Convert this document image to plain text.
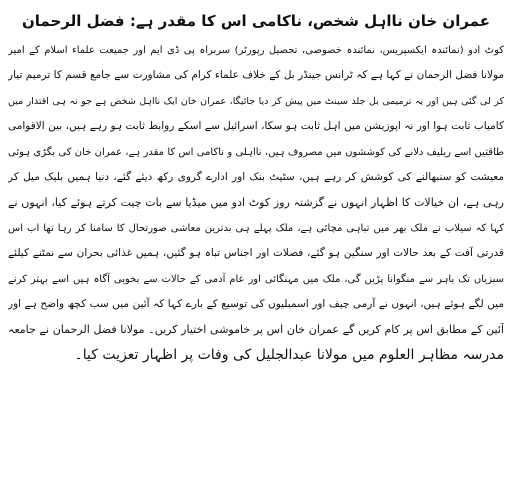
عمران خان نااہل شخص، ناکامی اس کا مقدر ہے: فضل الرحمان
کوٹ ادو (نمائندہ ایکسپریس، نمائندہ خصوصی، تحصیل رپورٹر) سربراہ پی ڈی ایم اور جمیعت علماء اسلام کے امیر
مولانا فضل الرحمان نے کہا ہے کہ ٹرانس جینڈر بل کے خلاف علماء کرام کی مشاورت سے جامع قسم کا ترمیم تیار
کر لی گئی ہیں اور یہ ترمیمی بل جلد سینٹ میں پیش کر دیا جائیگا، عمران خان ایک نااہل شخص ہے جو نہ ہی اقتدار میں
کامیاب ثابت ہوا اور نہ اپوزیشن میں اہل ثابت ہو سکا، اسرائیل سے اسکے روابط ثابت ہو رہے ہیں، بین الاقوامی
طاقتیں اسے ریلیف دلانے کی کوششوں میں مصروف ہیں، نااہلی و ناکامی اس کا مقدر ہے، عمران خان کی بگڑی ہوئی
معیشت کو سنبھالنے کی کوشش کر رہے ہیں، سٹیٹ بنک اور ادارے گروی رکھ دیئے گئے، دنیا ہمیں بلیک میل کر
رہی ہے، ان خیالات کا اظہار انہوں نے گزشتہ روز کوٹ ادو میں میڈیا سے بات چیت کرتے ہوئے کیا، انہوں نے
کہا کہ سیلاب نے ملک بھر میں تباہی مچائی ہے، ملک پہلے ہی بدترین معاشی صورتحال کا سامنا کر رہا تھا اب اس
قدرتی آفت کے بعد حالات اور سنگین ہو گئے، فصلات اور اجناس تباہ ہو گئیں، ہمیں غذائی بحران سے نمٹنے کیلئے
سبزیاں تک باہر سے منگوانا پڑیں گی، ملک میں مہنگائی اور عام آدمی کے حالات سے بخوبی آگاہ ہیں اسے بہتر کرنے
میں لگے ہوئے ہیں، انہوں نے آرمی چیف اور اسمبلیوں کی توسیع کے بارے کہا کہ آئین میں سب کچھ واضح ہے اور
آئین کے مطابق اس پر کام کریں گے عمران خان اس پر خاموشی اختیار کریں۔ مولانا فضل الرحمان نے جامعہ
مدرسہ مظاہر العلوم میں مولانا عبدالجلیل کی وفات پر اظہار تعزیت کیا۔
